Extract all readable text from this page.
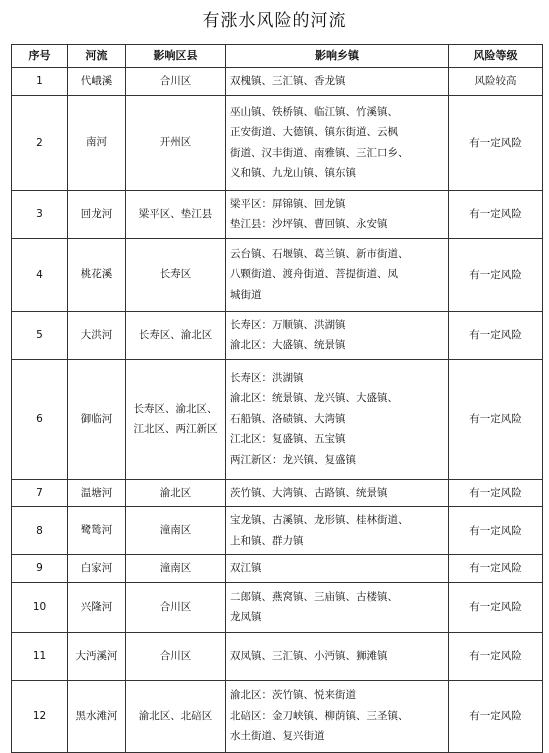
有涨水风险的河流
序号	河流	影响区县	影响乡镇	风险等级
1	代峨溪	合川区	双槐镇、三汇镇、香龙镇	风险较高
2	南河	开州区	巫山镇、铁桥镇、临江镇、竹溪镇、
正安街道、大德镇、镇东街道、云枫
街道、汉丰街道、南雅镇、三汇口乡、
义和镇、九龙山镇、镇东镇	有一定风险
3	回龙河	梁平区、垫江县	梁平区：屏锦镇、回龙镇
垫江县：沙坪镇、曹回镇、永安镇	有一定风险
4	桃花溪	长寿区	云台镇、石堰镇、葛兰镇、新市街道、
八颗街道、渡舟街道、菩提街道、凤
城街道	有一定风险
5	大洪河	长寿区、渝北区	长寿区：万顺镇、洪湖镇
渝北区：大盛镇、统景镇	有一定风险
6	御临河	长寿区、渝北区、江北区、两江新区	长寿区：洪湖镇
渝北区：统景镇、龙兴镇、大盛镇、
石船镇、洛碛镇、大湾镇
江北区：复盛镇、五宝镇
两江新区：龙兴镇、复盛镇	有一定风险
7	温塘河	渝北区	茨竹镇、大湾镇、古路镇、统景镇	有一定风险
8	鹭鸶河	潼南区	宝龙镇、古溪镇、龙形镇、桂林街道、
上和镇、群力镇	有一定风险
9	白家河	潼南区	双江镇	有一定风险
10	兴隆河	合川区	二郎镇、燕窝镇、三庙镇、古楼镇、
龙凤镇	有一定风险
11	大沔溪河	合川区	双凤镇、三汇镇、小沔镇、狮滩镇	有一定风险
12	黑水滩河	渝北区、北碚区	渝北区：茨竹镇、悦来街道
北碚区：金刀峡镇、柳荫镇、三圣镇、
水土街道、复兴街道	有一定风险
